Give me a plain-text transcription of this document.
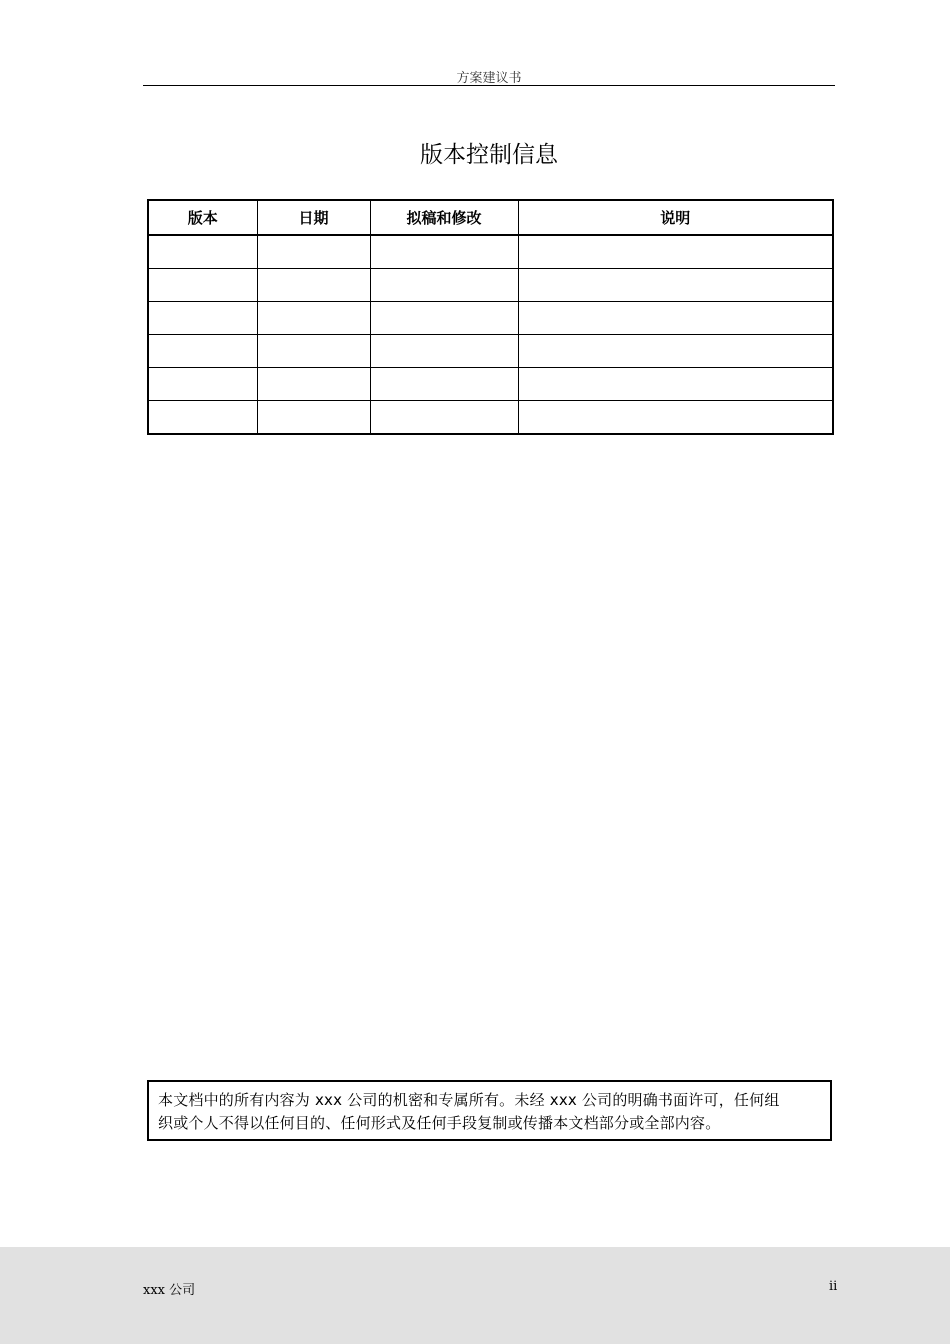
方案建议书
版本控制信息
版本	日期	拟稿和修改	说明

本文档中的所有内容为 xxx 公司的机密和专属所有。未经 xxx 公司的明确书面许可，任何组
织或个人不得以任何目的、任何形式及任何手段复制或传播本文档部分或全部内容。
xxx 公司	ii
